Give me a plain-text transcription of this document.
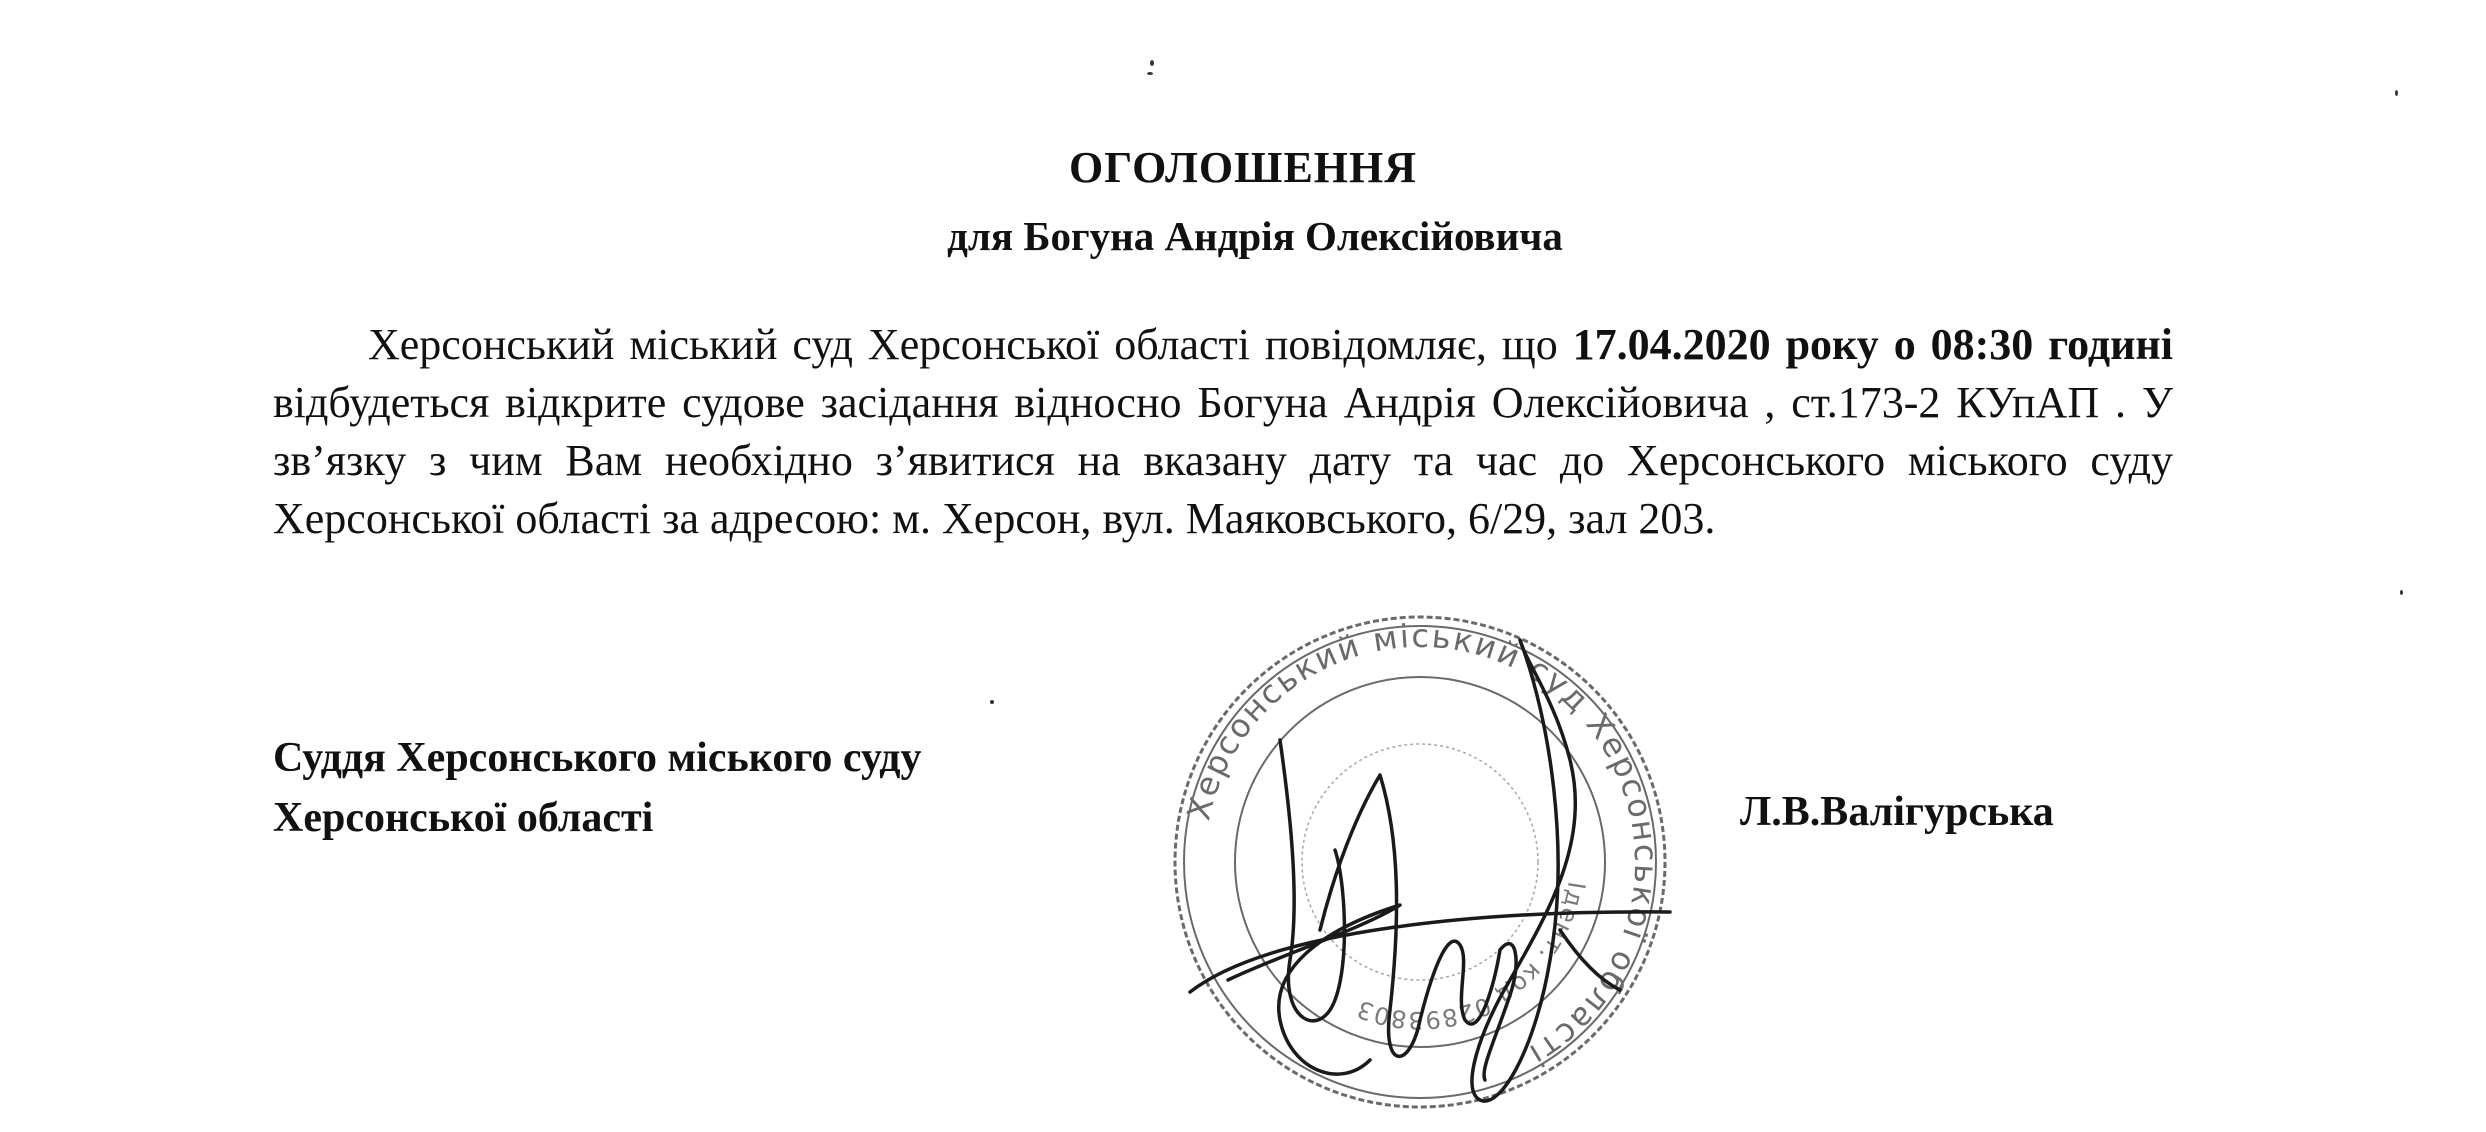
ОГОЛОШЕННЯ
для Богуна Андрія Олексійовича

Херсонський міський суд Херсонської області повідомляє, що 17.04.2020 року о 08:30 годині відбудеться відкрите судове засідання відносно Богуна Андрія Олексійовича , ст.173-2 КУпАП . У зв’язку з чим Вам необхідно з’явитися на вказану дату та час до Херсонського міського суду Херсонської області за адресою: м. Херсон, вул. Маяковського, 6/29, зал 203.

Суддя Херсонського міського суду
Херсонської області	Л.В.Валігурська
Херсонський міський суд Херсонської області
Ідент. код 02893803
